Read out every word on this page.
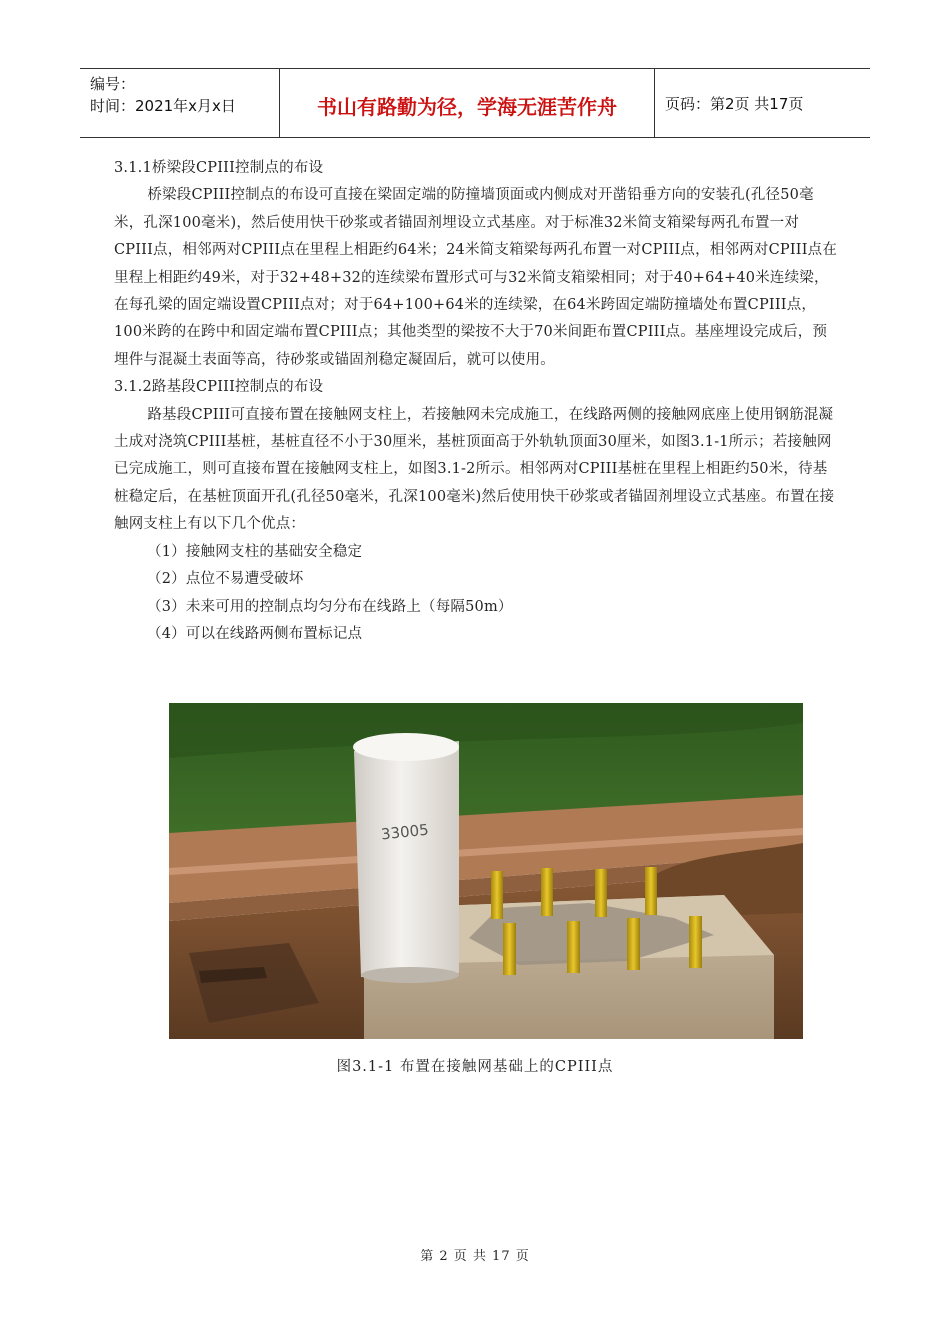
编号：
时间：2021年x月x日	书山有路勤为径，学海无涯苦作舟	页码：第2页 共17页

3.1.1桥梁段CPIII控制点的布设

桥梁段CPIII控制点的布设可直接在梁固定端的防撞墙顶面或内侧成对开凿铅垂方向的安装孔(孔径50毫米，孔深100毫米)，然后使用快干砂浆或者锚固剂埋设立式基座。对于标准32米简支箱梁每两孔布置一对CPIII点，相邻两对CPIII点在里程上相距约64米；24米简支箱梁每两孔布置一对CPIII点，相邻两对CPIII点在里程上相距约49米，对于32+48+32的连续梁布置形式可与32米简支箱梁相同；对于40+64+40米连续梁，在每孔梁的固定端设置CPIII点对；对于64+100+64米的连续梁，在64米跨固定端防撞墙处布置CPIII点，100米跨的在跨中和固定端布置CPIII点；其他类型的梁按不大于70米间距布置CPIII点。基座埋设完成后，预埋件与混凝土表面等高，待砂浆或锚固剂稳定凝固后，就可以使用。

3.1.2路基段CPIII控制点的布设

路基段CPIII可直接布置在接触网支柱上，若接触网未完成施工，在线路两侧的接触网底座上使用钢筋混凝土成对浇筑CPIII基桩，基桩直径不小于30厘米，基桩顶面高于外轨轨顶面30厘米，如图3.1-1所示；若接触网已完成施工，则可直接布置在接触网支柱上，如图3.1-2所示。相邻两对CPIII基桩在里程上相距约50米，待基桩稳定后，在基桩顶面开孔(孔径50毫米，孔深100毫米)然后使用快干砂浆或者锚固剂埋设立式基座。布置在接触网支柱上有以下几个优点：

（1）接触网支柱的基础安全稳定

（2）点位不易遭受破坏

（3）未来可用的控制点均匀分布在线路上（每隔50m）

（4）可以在线路两侧布置标记点

33005
图3.1-1 布置在接触网基础上的CPIII点
第 2 页 共 17 页
